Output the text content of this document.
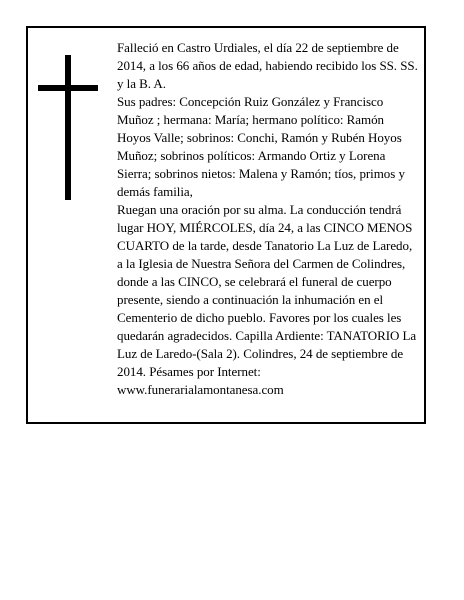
Falleció en Castro Urdiales, el día 22 de septiembre de 2014, a los 66 años de edad, habiendo recibido los SS. SS. y la B. A.

Sus padres: Concepción Ruiz González y Francisco Muñoz ; hermana: María; hermano político: Ramón Hoyos Valle; sobrinos: Conchi, Ramón y Rubén Hoyos Muñoz; sobrinos políticos: Armando Ortiz y Lorena Sierra; sobrinos nietos: Malena y Ramón; tíos, primos y demás familia,

Ruegan una oración por su alma. La conducción tendrá lugar HOY, MIÉRCOLES, día 24, a las CINCO MENOS CUARTO de la tarde, desde Tanatorio La Luz de Laredo, a la Iglesia de Nuestra Señora del Carmen de Colindres, donde a las CINCO, se celebrará el funeral de cuerpo presente, siendo a continuación la inhumación en el Cementerio de dicho pueblo. Favores por los cuales les quedarán agradecidos. Capilla Ardiente: TANATORIO La Luz de Laredo-(Sala 2). Colindres, 24 de septiembre de 2014. Pésames por Internet: www.funerarialamontanesa.com
